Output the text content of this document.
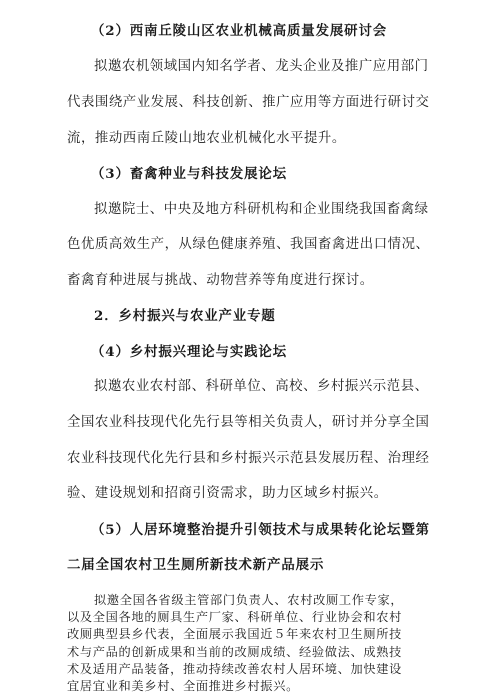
（2）西南丘陵山区农业机械高质量发展研讨会
拟邀农机领域国内知名学者、龙头企业及推广应用部门
代表围绕产业发展、科技创新、推广应用等方面进行研讨交
流，推动西南丘陵山地农业机械化水平提升。
（3）畜禽种业与科技发展论坛
拟邀院士、中央及地方科研机构和企业围绕我国畜禽绿
色优质高效生产，从绿色健康养殖、我国畜禽进出口情况、
畜禽育种进展与挑战、动物营养等角度进行探讨。
2．乡村振兴与农业产业专题
（4）乡村振兴理论与实践论坛
拟邀农业农村部、科研单位、高校、乡村振兴示范县、
全国农业科技现代化先行县等相关负责人，研讨并分享全国
农业科技现代化先行县和乡村振兴示范县发展历程、治理经
验、建设规划和招商引资需求，助力区域乡村振兴。
（5）人居环境整治提升引领技术与成果转化论坛暨第
二届全国农村卫生厕所新技术新产品展示
拟邀全国各省级主管部门负责人、农村改厕工作专家，
以及全国各地的厕具生产厂家、科研单位、行业协会和农村
改厕典型县乡代表，全面展示我国近５年来农村卫生厕所技
术与产品的创新成果和当前的改厕成绩、经验做法、成熟技
术及适用产品装备，推动持续改善农村人居环境、加快建设
宜居宜业和美乡村、全面推进乡村振兴。
